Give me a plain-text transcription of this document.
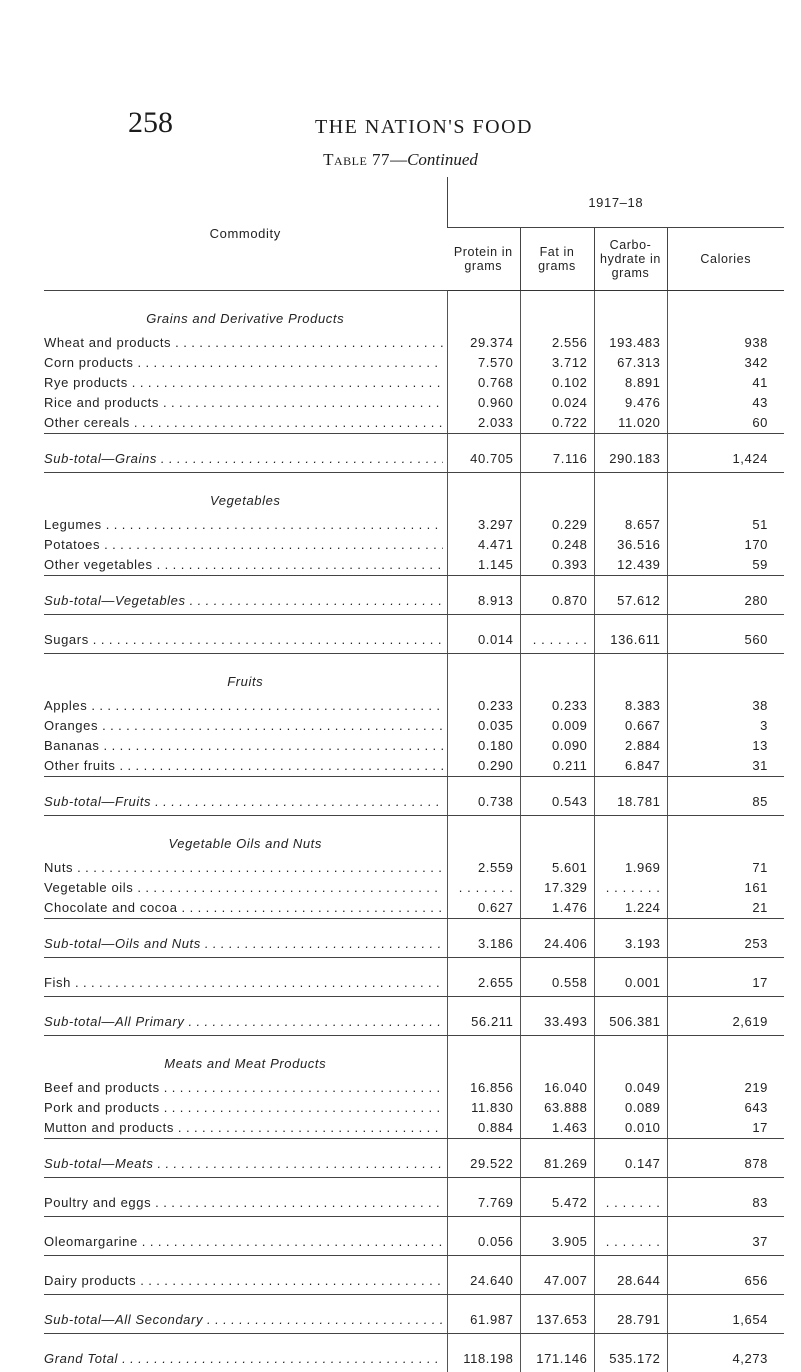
258	THE NATION'S FOOD
Table 77—Continued
Commodity	1917–18			
	Protein in grams	Fat in grams	Carbo-hydrate in grams	Calories

Grains and Derivative Products				

Wheat and products . . .	29.374	2.556	193.483	938

Corn products . . .	7.570	3.712	67.313	342

Rye products . . .	0.768	0.102	8.891	41

Rice and products . . .	0.960	0.024	9.476	43

Other cereals . . .	2.033	0.722	11.020	60

Sub-total—Grains . . .	40.705	7.116	290.183	1,424

Vegetables				

Legumes . . .	3.297	0.229	8.657	51

Potatoes . . .	4.471	0.248	36.516	170

Other vegetables . . .	1.145	0.393	12.439	59

Sub-total—Vegetables . . .	8.913	0.870	57.612	280

Sugars . . .	0.014	. . . . . . .	136.611	560

Fruits				

Apples . . .	0.233	0.233	8.383	38

Oranges . . .	0.035	0.009	0.667	3

Bananas . . .	0.180	0.090	2.884	13

Other fruits . . .	0.290	0.211	6.847	31

Sub-total—Fruits . . .	0.738	0.543	18.781	85

Vegetable Oils and Nuts				

Nuts . . .	2.559	5.601	1.969	71

Vegetable oils . . .	. . . . . . .	17.329	. . . . . . .	161

Chocolate and cocoa . . .	0.627	1.476	1.224	21

Sub-total—Oils and Nuts . . .	3.186	24.406	3.193	253

Fish . . .	2.655	0.558	0.001	17

Sub-total—All Primary . . .	56.211	33.493	506.381	2,619

Meats and Meat Products				

Beef and products . . .	16.856	16.040	0.049	219

Pork and products . . .	11.830	63.888	0.089	643

Mutton and products . . .	0.884	1.463	0.010	17

Sub-total—Meats . . .	29.522	81.269	0.147	878

Poultry and eggs . . .	7.769	5.472	. . . . . . .	83

Oleomargarine . . .	0.056	3.905	. . . . . . .	37

Dairy products . . .	24.640	47.007	28.644	656

Sub-total—All Secondary . . .	61.987	137.653	28.791	1,654

Grand Total . . .	118.198	171.146	535.172	4,273
